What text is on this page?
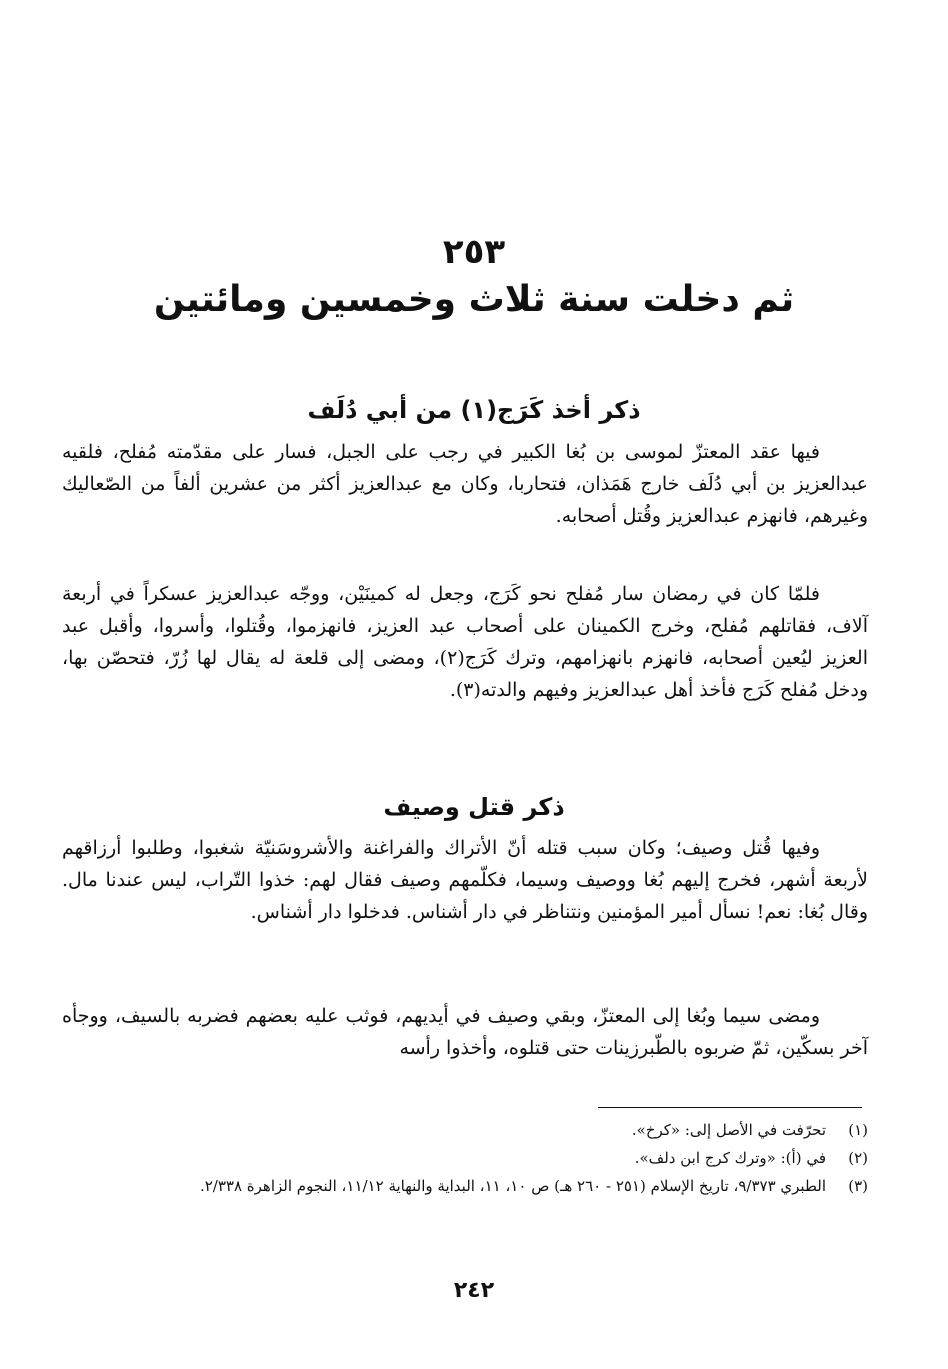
٢٥٣
ثم دخلت سنة ثلاث وخمسين ومائتين
ذكر أخذ كَرَج(١) من أبي دُلَف

فيها عقد المعتزّ لموسى بن بُغا الكبير في رجب على الجبل، فسار على مقدّمته مُفلح، فلقيه عبدالعزيز بن أبي دُلَف خارج هَمَذان، فتحاربا، وكان مع عبدالعزيز أكثر من عشرين ألفاً من الصّعاليك وغيرهم، فانهزم عبدالعزيز وقُتل أصحابه.

فلمّا كان في رمضان سار مُفلح نحو كَرَج، وجعل له كمينَيْن، ووجّه عبدالعزيز عسكراً في أربعة آلاف، فقاتلهم مُفلح، وخرج الكمينان على أصحاب عبد العزيز، فانهزموا، وقُتلوا، وأسروا، وأقبل عبد العزيز ليُعين أصحابه، فانهزم بانهزامهم، وترك كَرَج(٢)، ومضى إلى قلعة له يقال لها زُرّ، فتحصّن بها، ودخل مُفلح كَرَج فأخذ أهل عبدالعزيز وفيهم والدته(٣).

ذكر قتل وصيف

وفيها قُتل وصيف؛ وكان سبب قتله أنّ الأتراك والفراغنة والأشروسَنيّة شغبوا، وطلبوا أرزاقهم لأربعة أشهر، فخرج إليهم بُغا ووصيف وسيما، فكلّمهم وصيف فقال لهم: خذوا التّراب، ليس عندنا مال. وقال بُغا: نعم! نسأل أمير المؤمنين ونتناظر في دار أشناس. فدخلوا دار أشناس.

ومضى سيما وبُغا إلى المعتزّ، وبقي وصيف في أيديهم، فوثب عليه بعضهم فضربه بالسيف، ووجأه آخر بسكّين، ثمّ ضربوه بالطّبرزينات حتى قتلوه، وأخذوا رأسه

(١)
تحرّفت في الأصل إلى: «كرخ».
(٢)
في (أ): «وترك كرج ابن دلف».
(٣)
الطبري ٩/٣٧٣، تاريخ الإسلام (٢٥١ - ٢٦٠ هـ) ص ١٠، ١١، البداية والنهاية ١١/١٢، النجوم الزاهرة ٢/٣٣٨.
٢٤٢
